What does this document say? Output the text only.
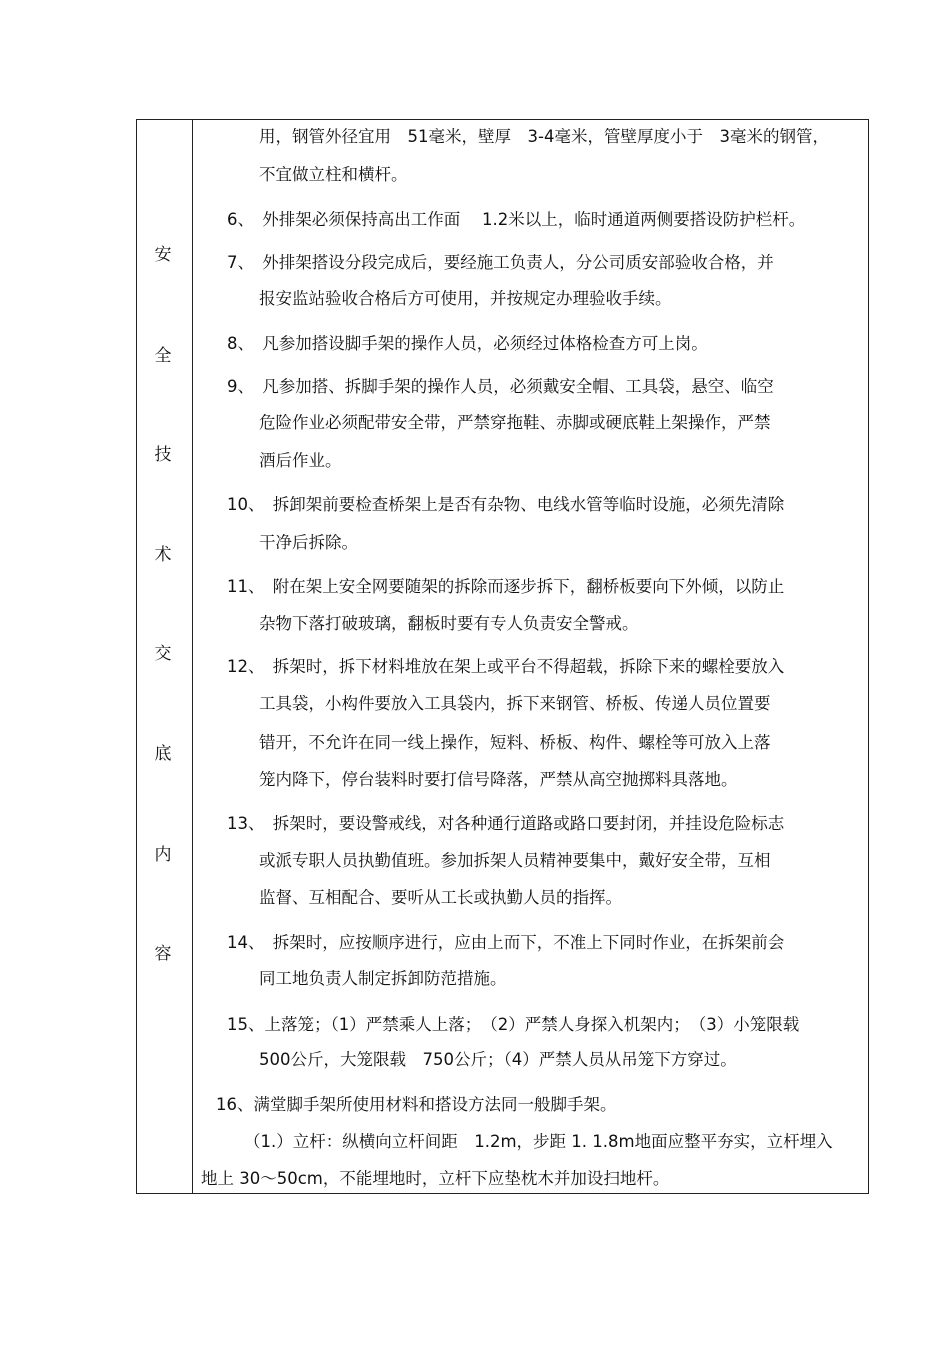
安
全
技
术
交
底
内
容
用，钢管外径宜用　51毫米，壁厚　3-4毫米，管壁厚度小于　3毫米的钢管，
不宜做立柱和横杆。
6、　外排架必须保持高出工作面　 1.2米以上，临时通道两侧要搭设防护栏杆。
7、　外排架搭设分段完成后，要经施工负责人，分公司质安部验收合格，并
报安监站验收合格后方可使用，并按规定办理验收手续。
8、　凡参加搭设脚手架的操作人员，必须经过体格检查方可上岗。
9、　凡参加搭、拆脚手架的操作人员，必须戴安全帽、工具袋，悬空、临空
危险作业必须配带安全带，严禁穿拖鞋、赤脚或硬底鞋上架操作，严禁
酒后作业。
10、　拆卸架前要检查桥架上是否有杂物、电线水管等临时设施，必须先清除
干净后拆除。
11、　附在架上安全网要随架的拆除而逐步拆下，翻桥板要向下外倾，以防止
杂物下落打破玻璃，翻板时要有专人负责安全警戒。
12、　拆架时，拆下材料堆放在架上或平台不得超载，拆除下来的螺栓要放入
工具袋，小构件要放入工具袋内，拆下来钢管、桥板、传递人员位置要
错开，不允许在同一线上操作，短料、桥板、构件、螺栓等可放入上落
笼内降下，停台装料时要打信号降落，严禁从高空抛掷料具落地。
13、　拆架时，要设警戒线，对各种通行道路或路口要封闭，并挂设危险标志
或派专职人员执勤值班。参加拆架人员精神要集中，戴好安全带，互相
监督、互相配合、要听从工长或执勤人员的指挥。
14、　拆架时，应按顺序进行，应由上而下，不准上下同时作业，在拆架前会
同工地负责人制定拆卸防范措施。
15、上落笼；（1）严禁乘人上落；　（2）严禁人身探入机架内；　（3）小笼限载
500公斤，大笼限载　750公斤；（4）严禁人员从吊笼下方穿过。
16、满堂脚手架所使用材料和搭设方法同一般脚手架。
（1.）立杆：纵横向立杆间距　1.2m，步距 1. 1.8m地面应整平夯实，立杆埋入
地上 30～50cm，不能埋地时，立杆下应垫枕木并加设扫地杆。
